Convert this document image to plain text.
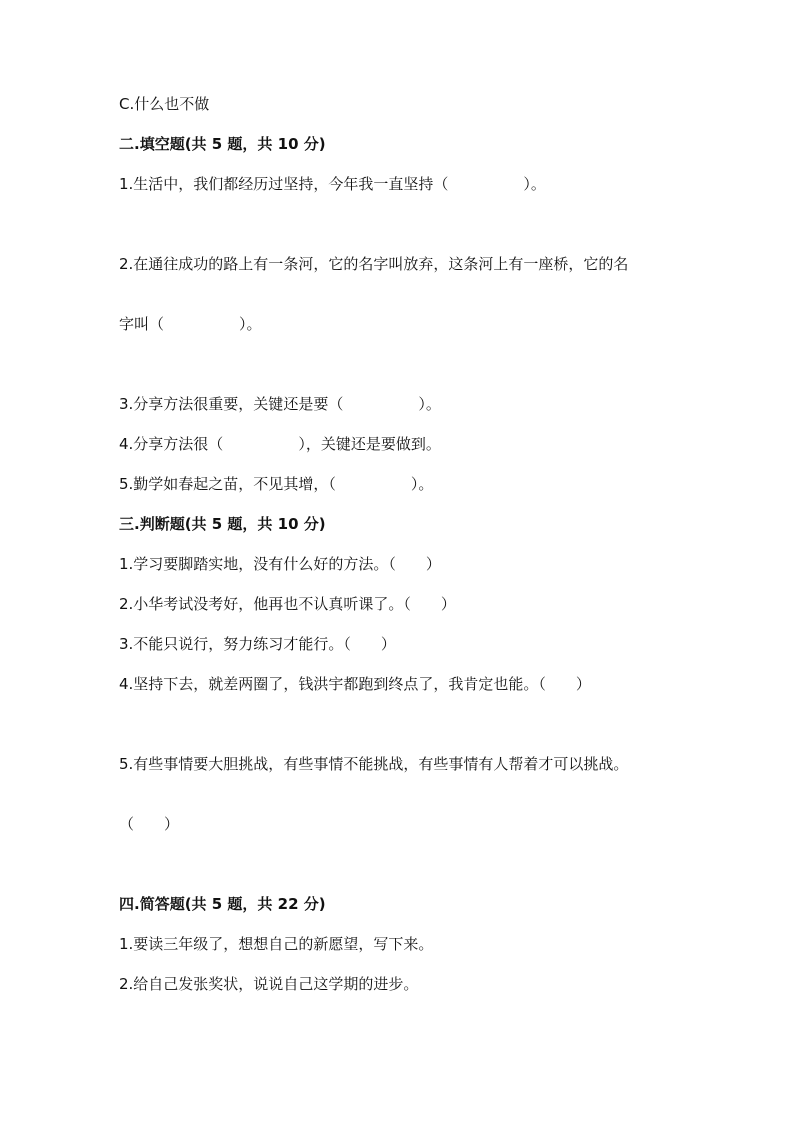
C.什么也不做

二.填空题(共 5 题，共 10 分)

1.生活中，我们都经历过坚持，今年我一直坚持（　　　　　）。

2.在通往成功的路上有一条河，它的名字叫放弃，这条河上有一座桥，它的名

字叫（　　　　　）。

3.分享方法很重要，关键还是要（　　　　　）。

4.分享方法很（　　　　　），关键还是要做到。

5.勤学如春起之苗，不见其增，（　　　　　）。

三.判断题(共 5 题，共 10 分)

1.学习要脚踏实地，没有什么好的方法。（　　）

2.小华考试没考好，他再也不认真听课了。（　　）

3.不能只说行，努力练习才能行。（　　）

4.坚持下去，就差两圈了，钱洪宇都跑到终点了，我肯定也能。（　　）

5.有些事情要大胆挑战，有些事情不能挑战，有些事情有人帮着才可以挑战。

（　　）

四.简答题(共 5 题，共 22 分)

1.要读三年级了，想想自己的新愿望，写下来。

2.给自己发张奖状，说说自己这学期的进步。
